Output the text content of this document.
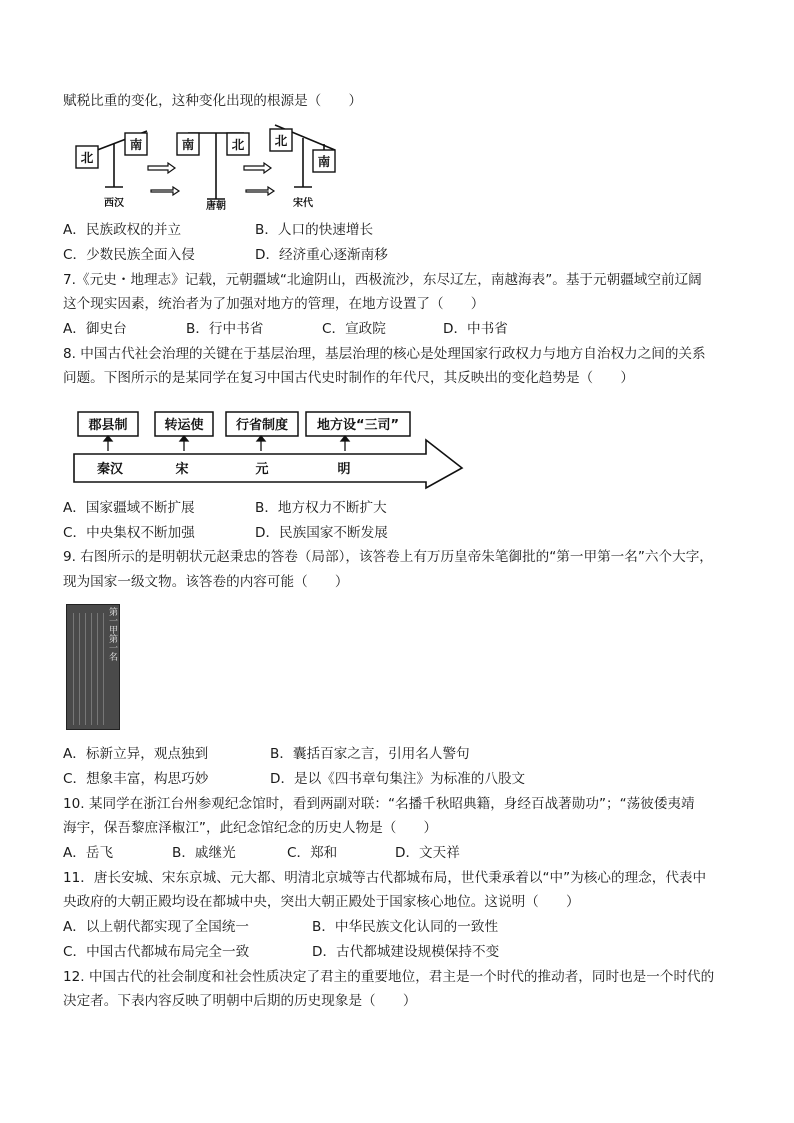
赋税比重的变化，这种变化出现的根源是（　　）
北
南	南	北 北
南
西汉	唐朝	宋代
A．民族政权的并立	B．人口的快速增长
C．少数民族全面入侵	D．经济重心逐渐南移
7.《元史・地理志》记载，元朝疆域“北逾阴山，西极流沙，东尽辽左，南越海表”。基于元朝疆域空前辽阔
这个现实因素，统治者为了加强对地方的管理，在地方设置了（　　）
A．御史台	B．行中书省	C．宣政院	D．中书省
8. 中国古代社会治理的关键在于基层治理，基层治理的核心是处理国家行政权力与地方自治权力之间的关系
问题。下图所示的是某同学在复习中国古代史时制作的年代尺，其反映出的变化趋势是（　　）
郡县制	转运使 行省制度 地方设“三司”
秦汉	宋	元	明
A．国家疆域不断扩展	B．地方权力不断扩大
C．中央集权不断加强	D．民族国家不断发展
9. 右图所示的是明朝状元赵秉忠的答卷（局部），该答卷上有万历皇帝朱笔御批的“第一甲第一名”六个大字，
现为国家一级文物。该答卷的内容可能（　　）
第一甲第一名
A．标新立异，观点独到	B．囊括百家之言，引用名人警句
C．想象丰富，构思巧妙	D．是以《四书章句集注》为标准的八股文
10. 某同学在浙江台州参观纪念馆时，看到两副对联：“名播千秋昭典籍，身经百战著勋功”；“荡彼倭夷靖
海宇，保吾黎庶泽椒江”，此纪念馆纪念的历史人物是（　　）
A．岳飞	B．戚继光	C．郑和	D．文天祥
11．唐长安城、宋东京城、元大都、明清北京城等古代都城布局，世代秉承着以“中”为核心的理念，代表中
央政府的大朝正殿均设在都城中央，突出大朝正殿处于国家核心地位。这说明（　　）
A．以上朝代都实现了全国统一	B．中华民族文化认同的一致性
C．中国古代都城布局完全一致	D．古代都城建设规模保持不变
12. 中国古代的社会制度和社会性质决定了君主的重要地位，君主是一个时代的推动者，同时也是一个时代的
决定者。下表内容反映了明朝中后期的历史现象是（　　）
